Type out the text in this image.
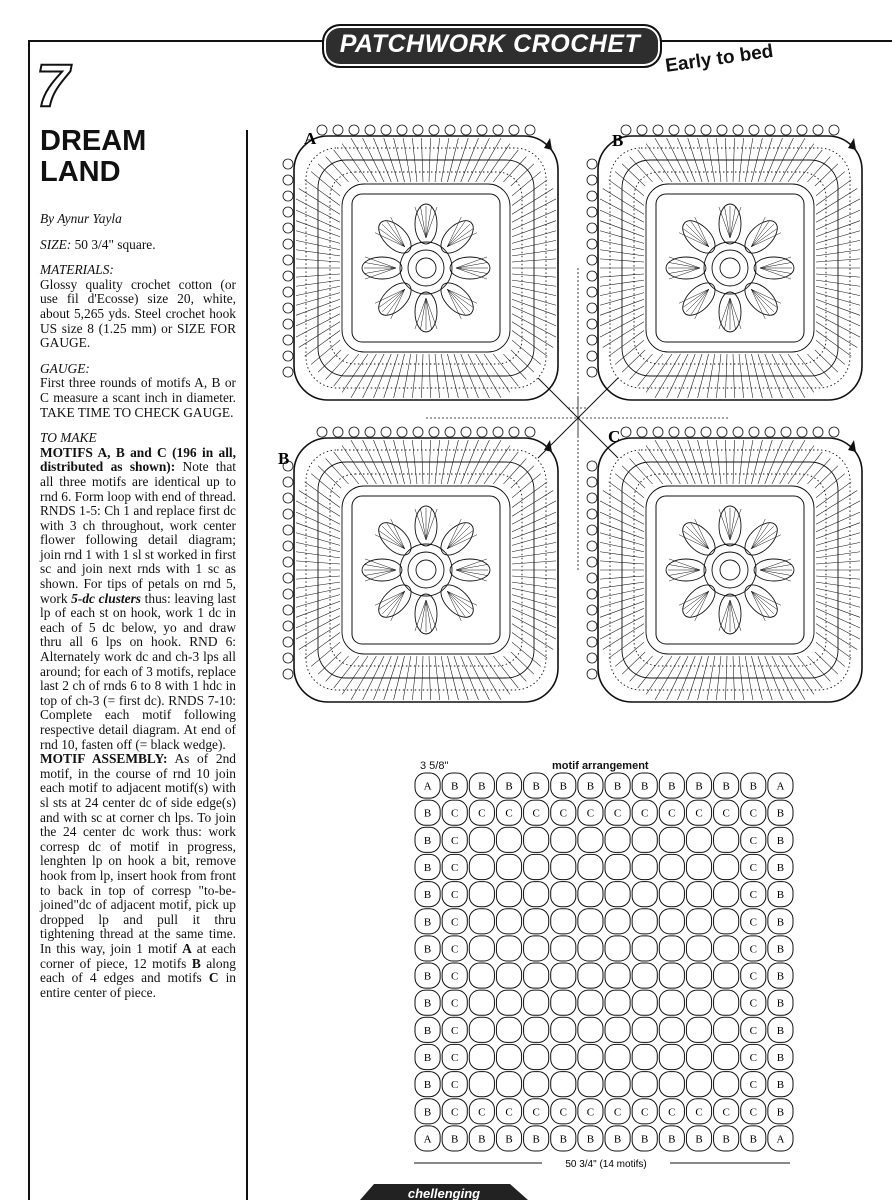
PATCHWORK CROCHET	Early to bed
7
DREAM
LAND

By Aynur Yayla

SIZE: 50 3/4" square.

MATERIALS:
Glossy quality crochet cotton (or use fil d'Ecosse) size 20, white, about 5,265 yds. Steel crochet hook US size 8 (1.25 mm) or SIZE FOR GAUGE.

GAUGE:
First three rounds of motifs A, B or C measure a scant inch in diameter. TAKE TIME TO CHECK GAUGE.

TO MAKE
MOTIFS A, B and C (196 in all, distributed as shown): Note that all three motifs are identical up to rnd 6. Form loop with end of thread. RNDS 1-5: Ch 1 and replace first dc with 3 ch throughout, work center flower following detail diagram; join rnd 1 with 1 sl st worked in first sc and join next rnds with 1 sc as shown. For tips of petals on rnd 5, work 5-dc clusters thus: leaving last lp of each st on hook, work 1 dc in each of 5 dc below, yo and draw thru all 6 lps on hook. RND 6: Alternately work dc and ch-3 lps all around; for each of 3 motifs, replace last 2 ch of rnds 6 to 8 with 1 hdc in top of ch-3 (= first dc). RNDS 7-10: Complete each motif following respective detail diagram. At end of rnd 10, fasten off (= black wedge).
MOTIF ASSEMBLY: As of 2nd motif, in the course of rnd 10 join each motif to adjacent motif(s) with sl sts at 24 center dc of side edge(s) and with sc at corner ch lps. To join the 24 center dc work thus: work corresp dc of motif in progress, lenghten lp on hook a bit, remove hook from lp, insert hook from front to back in top of corresp "to-be-joined"dc of adjacent motif, pick up dropped lp and pull it thru tightening thread at the same time. In this way, join 1 motif A at each corner of piece, 12 motifs B along each of 4 edges and motifs C in entire center of piece.

A	B
B
C
3 5/8"	motif arrangement
A B B B B B B B B B B B B A
B C C C C C C C C C C C C B
B C	C B
B C	C B
B C	C B
B C	C B
B C	C B
B C	C B
B C	C B
B C	C B
B C	C B
B C	C B
B C C C C C C C C C C C C B
A B B B B B B B B B B B B A
50 3/4" (14 motifs)
chellenging
